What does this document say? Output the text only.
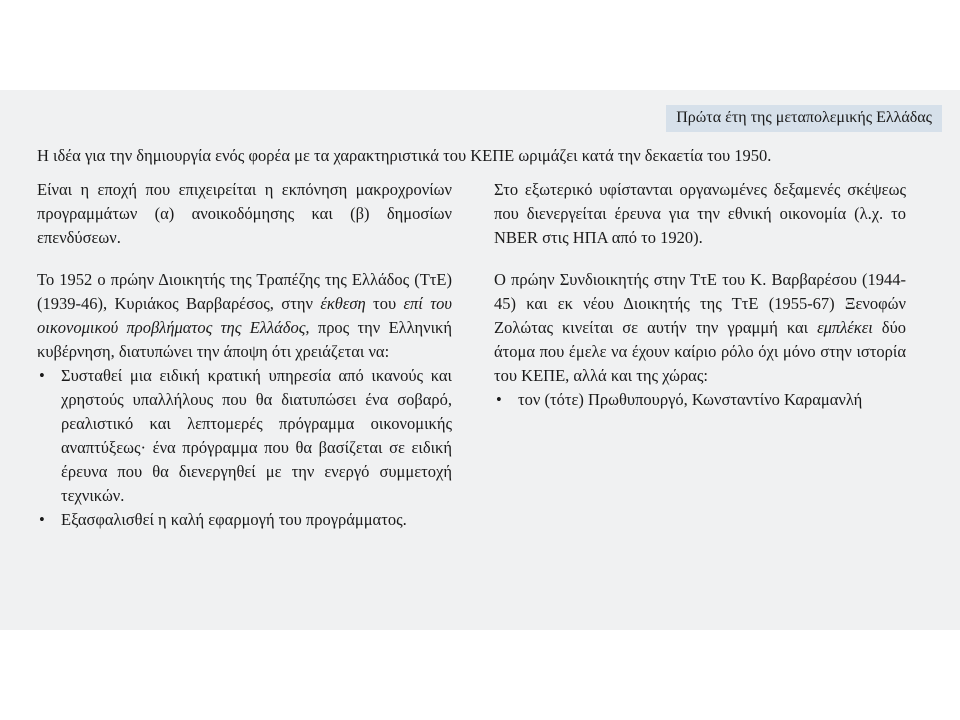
Πρώτα έτη της μεταπολεμικής Ελλάδας
Η ιδέα για την δημιουργία ενός φορέα με τα χαρακτηριστικά του ΚΕΠΕ ωριμάζει κατά την δεκαετία του 1950.

Είναι η εποχή που επιχειρείται η εκπόνηση μακροχρονίων προγραμμάτων (α) ανοικοδόμησης και (β) δημοσίων επενδύσεων.

Το 1952 ο πρώην Διοικητής της Τραπέζης της Ελλάδος (ΤτΕ) (1939-46), Κυριάκος Βαρβαρέσος, στην έκθεση του επί του οικονομικού προβλήματος της Ελλάδος, προς την Ελληνική κυβέρνηση, διατυπώνει την άποψη ότι χρειάζεται να:

• Συσταθεί μια ειδική κρατική υπηρεσία από ικανούς και χρηστούς υπαλλήλους που θα διατυπώσει ένα σοβαρό, ρεαλιστικό και λεπτομερές πρόγραμμα οικονομικής αναπτύξεως· ένα πρόγραμμα που θα βασίζεται σε ειδική έρευνα που θα διενεργηθεί με την ενεργό συμμετοχή τεχνικών.
• Εξασφαλισθεί η καλή εφαρμογή του προγράμματος.

Στο εξωτερικό υφίστανται οργανωμένες δεξαμενές σκέψεως που διενεργείται έρευνα για την εθνική οικονομία (λ.χ. το NBER στις ΗΠΑ από το 1920).

Ο πρώην Συνδιοικητής στην ΤτΕ του Κ. Βαρβαρέσου (1944-45) και εκ νέου Διοικητής της ΤτΕ (1955-67) Ξενοφών Ζολώτας κινείται σε αυτήν την γραμμή και εμπλέκει δύο άτομα που έμελε να έχουν καίριο ρόλο όχι μόνο στην ιστορία του ΚΕΠΕ, αλλά και της χώρας:

• τον (τότε) Πρωθυπουργό, Κωνσταντίνο Καραμανλή
